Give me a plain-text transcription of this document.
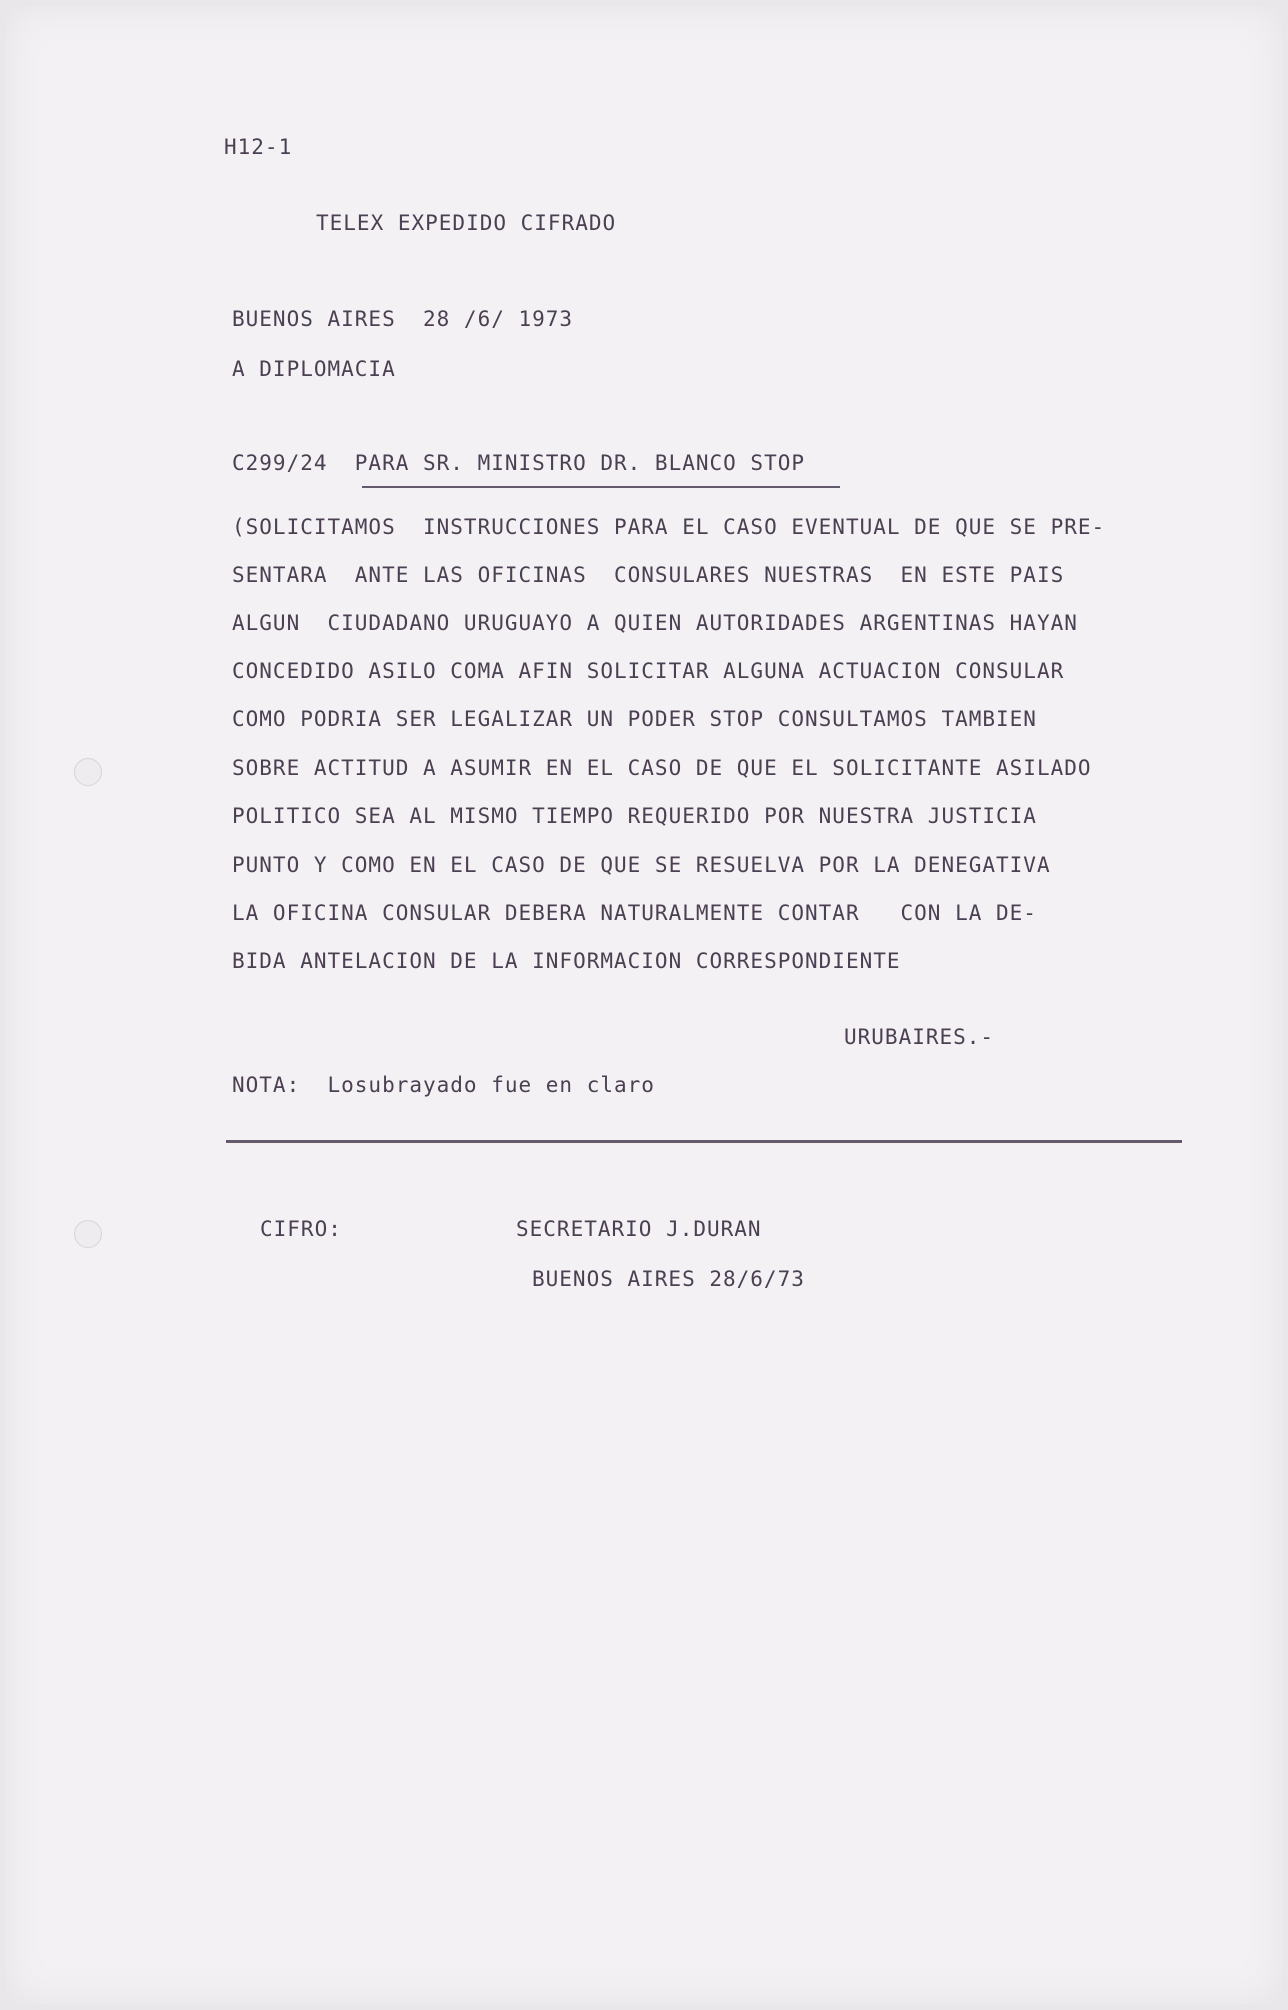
H12-1
TELEX EXPEDIDO CIFRADO
BUENOS AIRES  28 /6/ 1973
A DIPLOMACIA
C299/24  PARA SR. MINISTRO DR. BLANCO STOP
(SOLICITAMOS  INSTRUCCIONES PARA EL CASO EVENTUAL DE QUE SE PRE-
SENTARA  ANTE LAS OFICINAS  CONSULARES NUESTRAS  EN ESTE PAIS
ALGUN  CIUDADANO URUGUAYO A QUIEN AUTORIDADES ARGENTINAS HAYAN
CONCEDIDO ASILO COMA AFIN SOLICITAR ALGUNA ACTUACION CONSULAR
COMO PODRIA SER LEGALIZAR UN PODER STOP CONSULTAMOS TAMBIEN
SOBRE ACTITUD A ASUMIR EN EL CASO DE QUE EL SOLICITANTE ASILADO
POLITICO SEA AL MISMO TIEMPO REQUERIDO POR NUESTRA JUSTICIA
PUNTO Y COMO EN EL CASO DE QUE SE RESUELVA POR LA DENEGATIVA
LA OFICINA CONSULAR DEBERA NATURALMENTE CONTAR   CON LA DE-
BIDA ANTELACION DE LA INFORMACION CORRESPONDIENTE
URUBAIRES.-
NOTA:  Losubrayado fue en claro
CIFRO:	SECRETARIO J.DURAN
BUENOS AIRES 28/6/73
